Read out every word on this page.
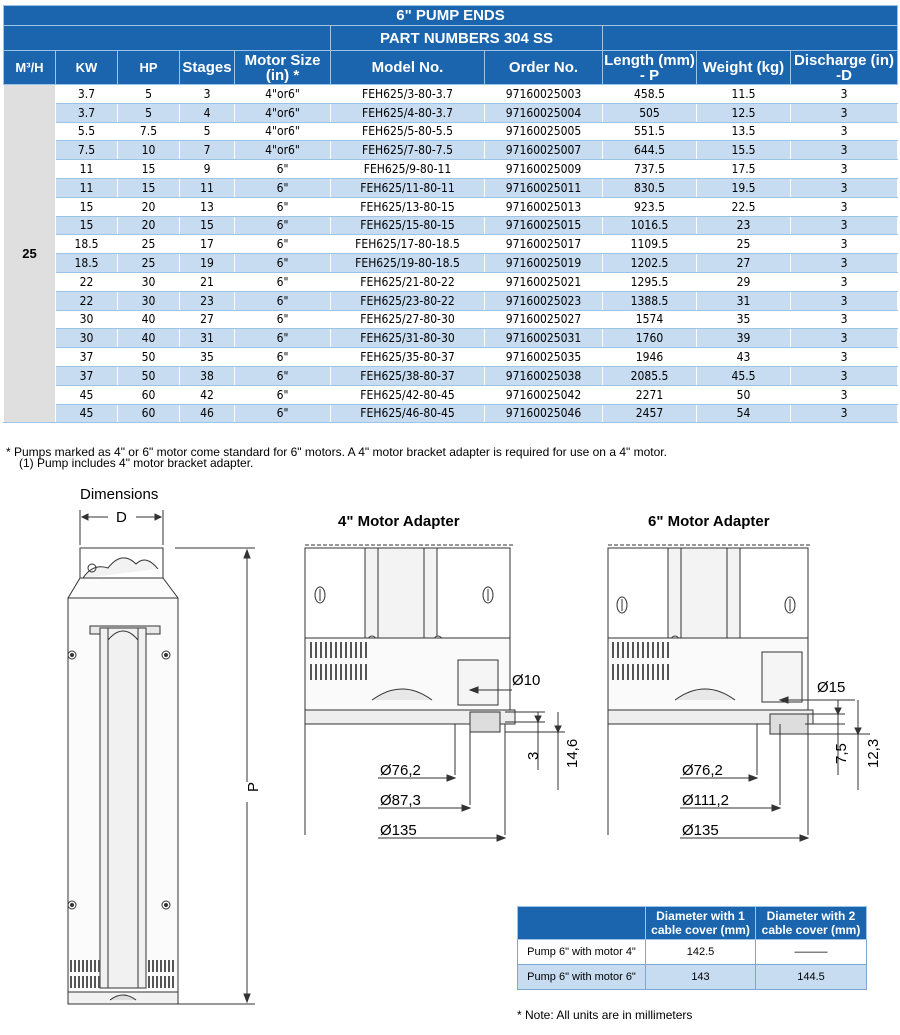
6" PUMP ENDS									
					PART NUMBERS 304 SS				
M³/H	KW	HP	Stages	Motor Size (in) *	Model No.	Order No.	Length (mm) - P	Weight (kg)	Discharge (in) -D
25	3.7	5	3	4"or6"	FEH625/3-80-3.7	97160025003	458.5	11.5	3
	3.7	5	4	4"or6"	FEH625/4-80-3.7	97160025004	505	12.5	3
	5.5	7.5	5	4"or6"	FEH625/5-80-5.5	97160025005	551.5	13.5	3
	7.5	10	7	4"or6"	FEH625/7-80-7.5	97160025007	644.5	15.5	3
	11	15	9	6"	FEH625/9-80-11	97160025009	737.5	17.5	3
	11	15	11	6"	FEH625/11-80-11	97160025011	830.5	19.5	3
	15	20	13	6"	FEH625/13-80-15	97160025013	923.5	22.5	3
	15	20	15	6"	FEH625/15-80-15	97160025015	1016.5	23	3
	18.5	25	17	6"	FEH625/17-80-18.5	97160025017	1109.5	25	3
	18.5	25	19	6"	FEH625/19-80-18.5	97160025019	1202.5	27	3
	22	30	21	6"	FEH625/21-80-22	97160025021	1295.5	29	3
	22	30	23	6"	FEH625/23-80-22	97160025023	1388.5	31	3
	30	40	27	6"	FEH625/27-80-30	97160025027	1574	35	3
	30	40	31	6"	FEH625/31-80-30	97160025031	1760	39	3
	37	50	35	6"	FEH625/35-80-37	97160025035	1946	43	3
	37	50	38	6"	FEH625/38-80-37	97160025038	2085.5	45.5	3
	45	60	42	6"	FEH625/42-80-45	97160025042	2271	50	3
	45	60	46	6"	FEH625/46-80-45	97160025046	2457	54	3
* Pumps marked as 4" or 6" motor come standard for 6" motors. A 4" motor bracket adapter is required for use on a 4" motor.
(1) Pump includes 4" motor bracket adapter.
Dimensions
4" Motor Adapter	6" Motor Adapter
D
P
Ø10
Ø76,2
Ø87,3
Ø135
3 14,6
Ø15
Ø76,2
Ø111,2
Ø135
7,5 12,3
	Diameter with 1 cable cover (mm)	Diameter with 2 cable cover (mm)
Pump 6" with motor 4"	142.5	———
Pump 6" with motor 6"	143	144.5
* Note: All units are in millimeters
